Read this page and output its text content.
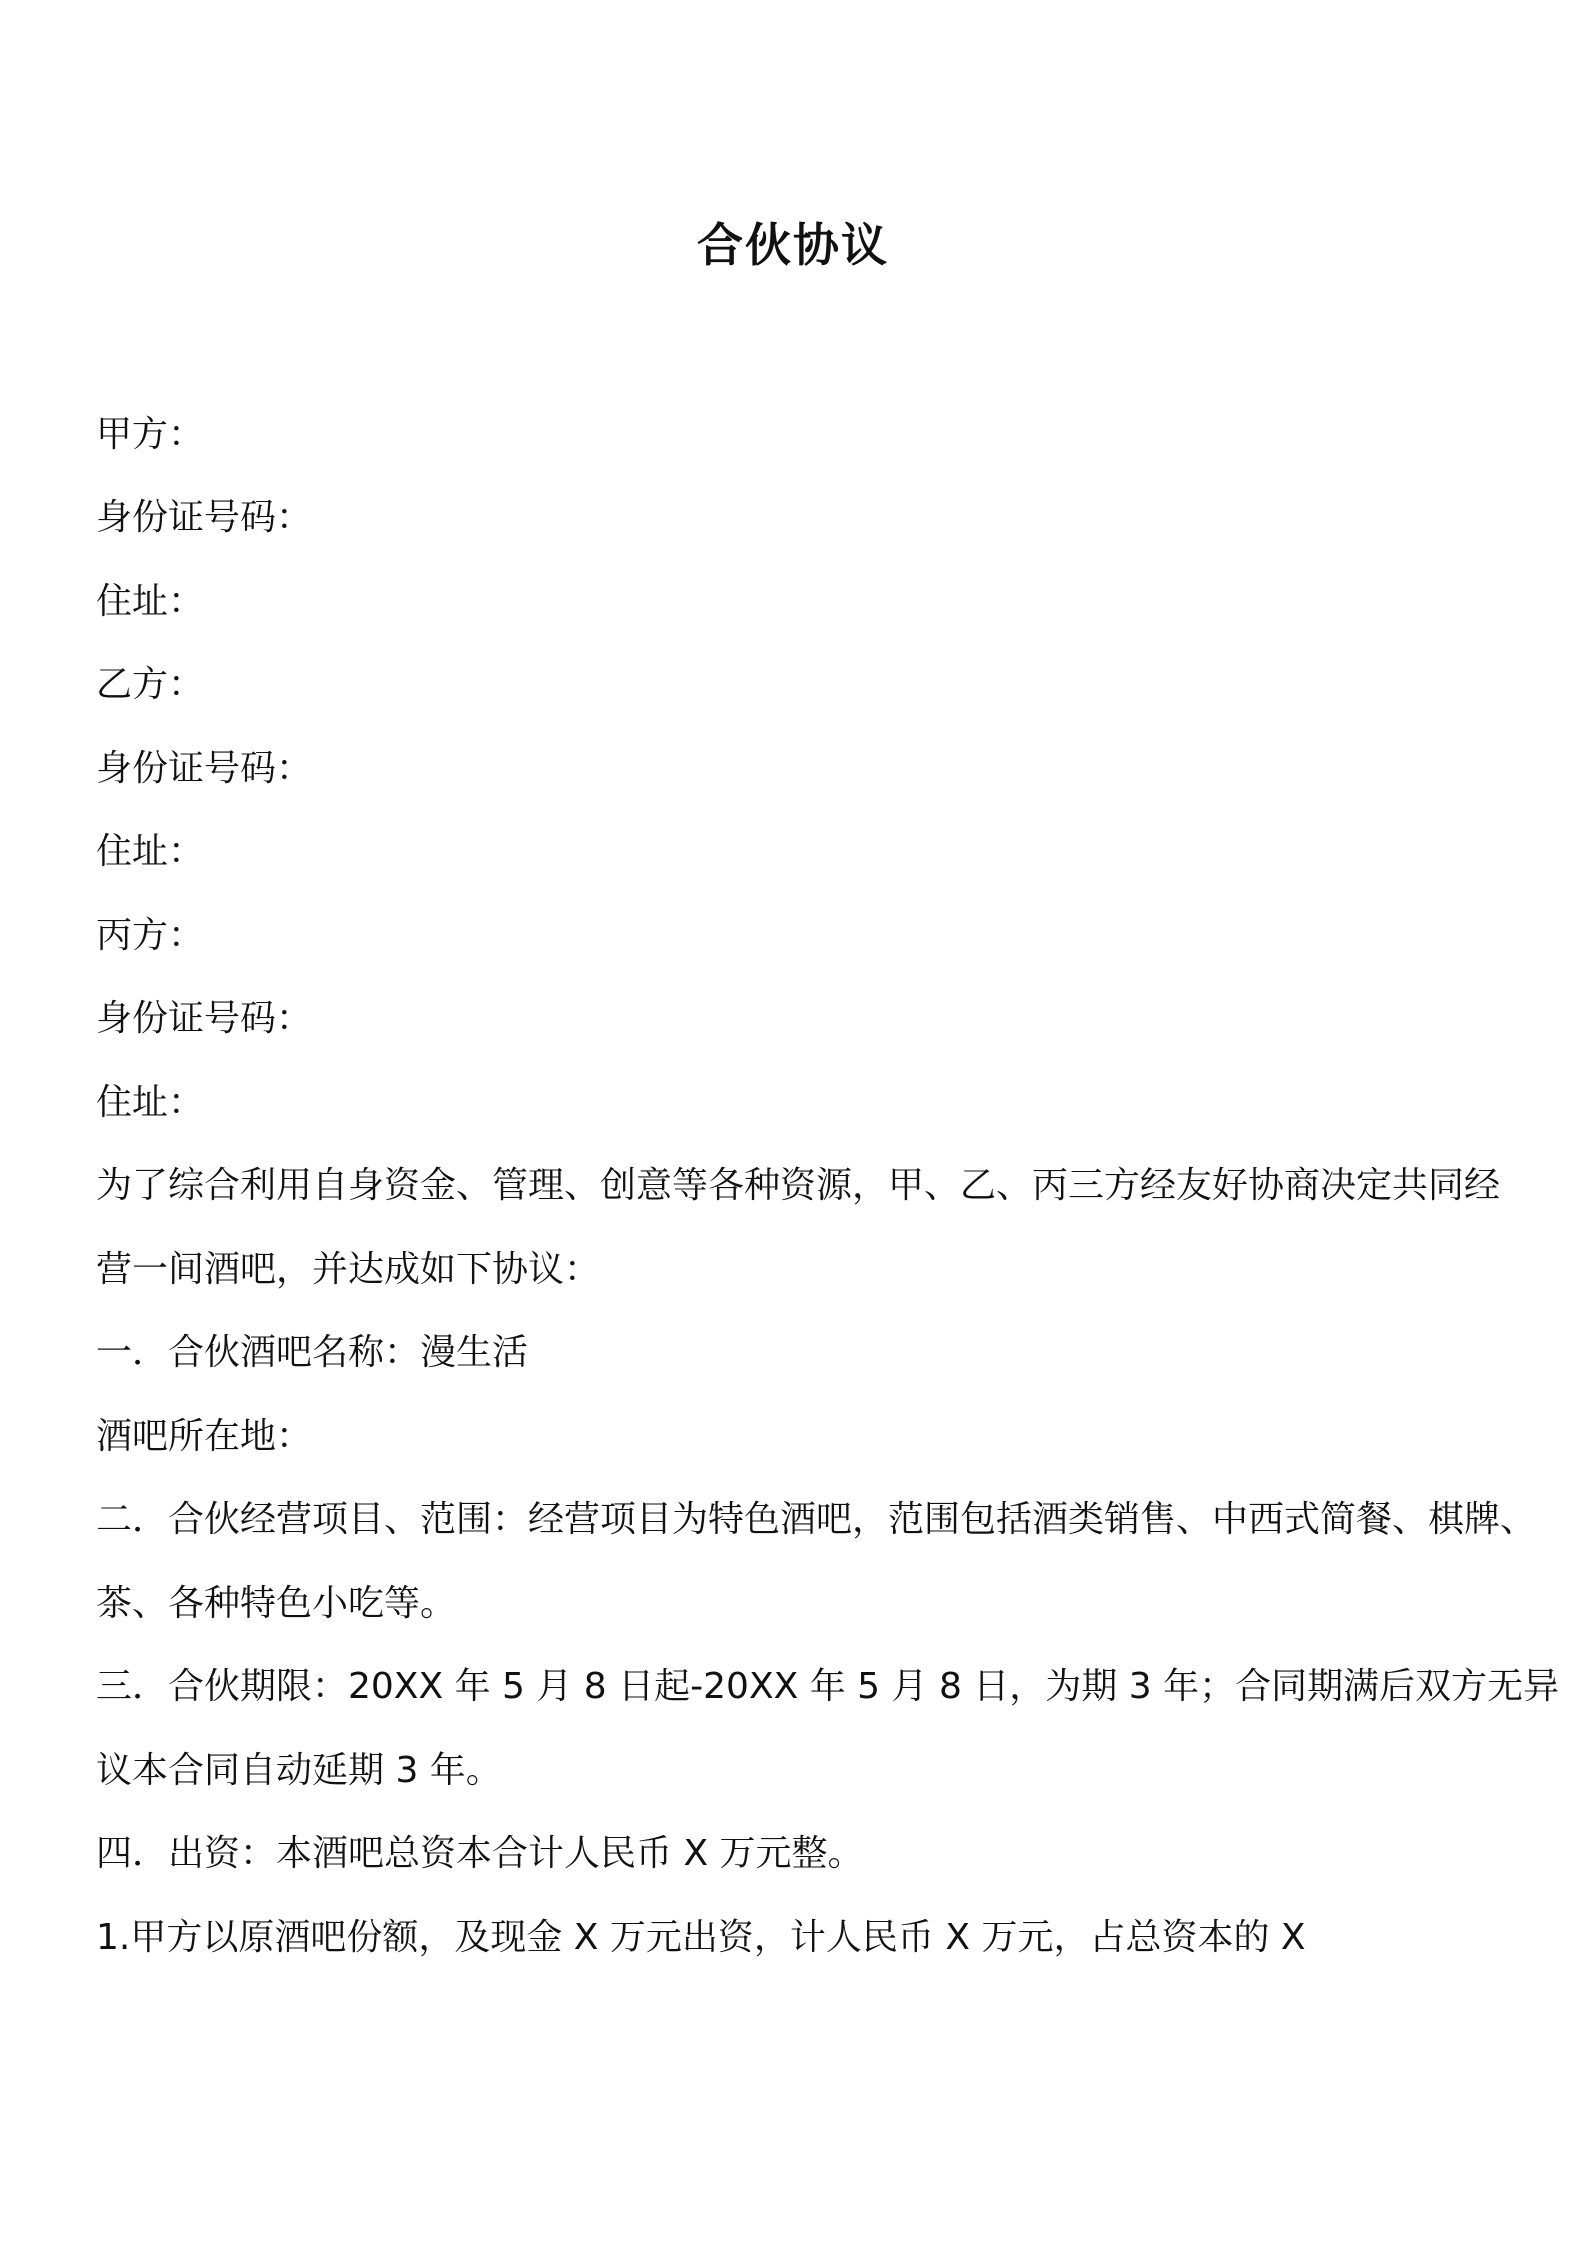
合伙协议
甲方：
身份证号码：
住址：
乙方：
身份证号码：
住址：
丙方：
身份证号码：
住址：
为了综合利用自身资金、管理、创意等各种资源，甲、乙、丙三方经友好协商决定共同经
营一间酒吧，并达成如下协议：
一．合伙酒吧名称：漫生活
酒吧所在地：
二．合伙经营项目、范围：经营项目为特色酒吧，范围包括酒类销售、中西式简餐、棋牌、
茶、各种特色小吃等。
三．合伙期限：20XX 年 5 月 8 日起-20XX 年 5 月 8 日，为期 3 年；合同期满后双方无异
议本合同自动延期 3 年。
四．出资：本酒吧总资本合计人民币 X 万元整。
1.甲方以原酒吧份额，及现金 X 万元出资，计人民币 X 万元，占总资本的 X
